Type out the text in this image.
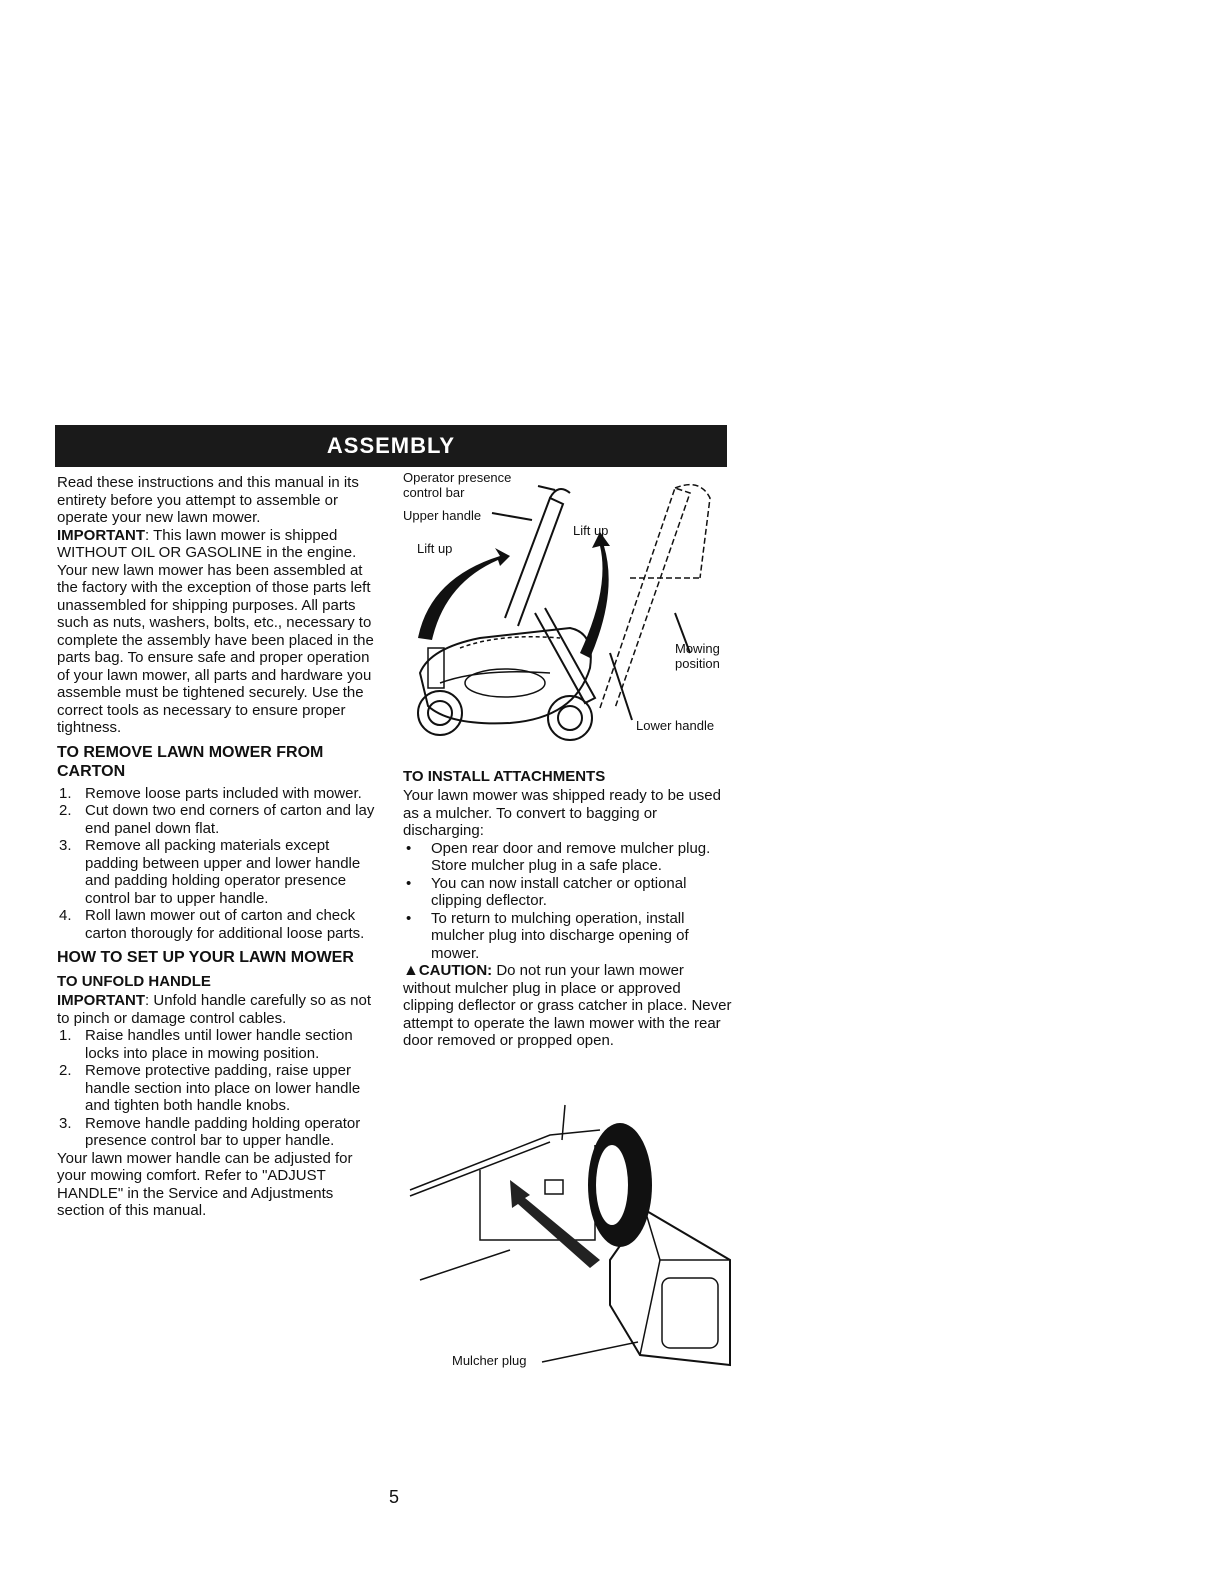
ASSEMBLY

Read these instructions and this manual in its entirety before you attempt to assemble or operate your new lawn mower.

IMPORTANT: This lawn mower is shipped WITHOUT OIL OR GASOLINE in the engine.

Your new lawn mower has been assembled at the factory with the exception of those parts left unassembled for shipping purposes. All parts such as nuts, washers, bolts, etc., necessary to complete the assembly have been placed in the parts bag. To ensure safe and proper operation of your lawn mower, all parts and hardware you assemble must be tightened securely. Use the correct tools as necessary to ensure proper tightness.

TO REMOVE LAWN MOWER FROM CARTON
1. Remove loose parts included with mower.
2. Cut down two end corners of carton and lay end panel down flat.
3. Remove all packing materials except padding between upper and lower handle and padding holding operator presence control bar to upper handle.
4. Roll lawn mower out of carton and check carton thorougly for additional loose parts.
HOW TO SET UP YOUR LAWN MOWER
TO UNFOLD HANDLE

IMPORTANT: Unfold handle carefully so as not to pinch or damage control cables.

1. Raise handles until lower handle section locks into place in mowing position.
2. Remove protective padding, raise upper handle section into place on lower handle and tighten both handle knobs.
3. Remove handle padding holding operator presence control bar to upper handle.

Your lawn mower handle can be adjusted for your mowing comfort. Refer to "ADJUST HANDLE" in the Service and Adjustments section of this manual.

Operator presence
control bar
Upper handle
Lift up
Lift up
Mowing
position
Lower handle
TO INSTALL ATTACHMENTS

Your lawn mower was shipped ready to be used as a mulcher. To convert to bagging or discharging:

• Open rear door and remove mulcher plug. Store mulcher plug in a safe place.
• You can now install catcher or optional clipping deflector.
• To return to mulching operation, install mulcher plug into discharge opening of mower.

▲CAUTION: Do not run your lawn mower without mulcher plug in place or approved clipping deflector or grass catcher in place. Never attempt to operate the lawn mower with the rear door removed or propped open.

Mulcher plug
5
